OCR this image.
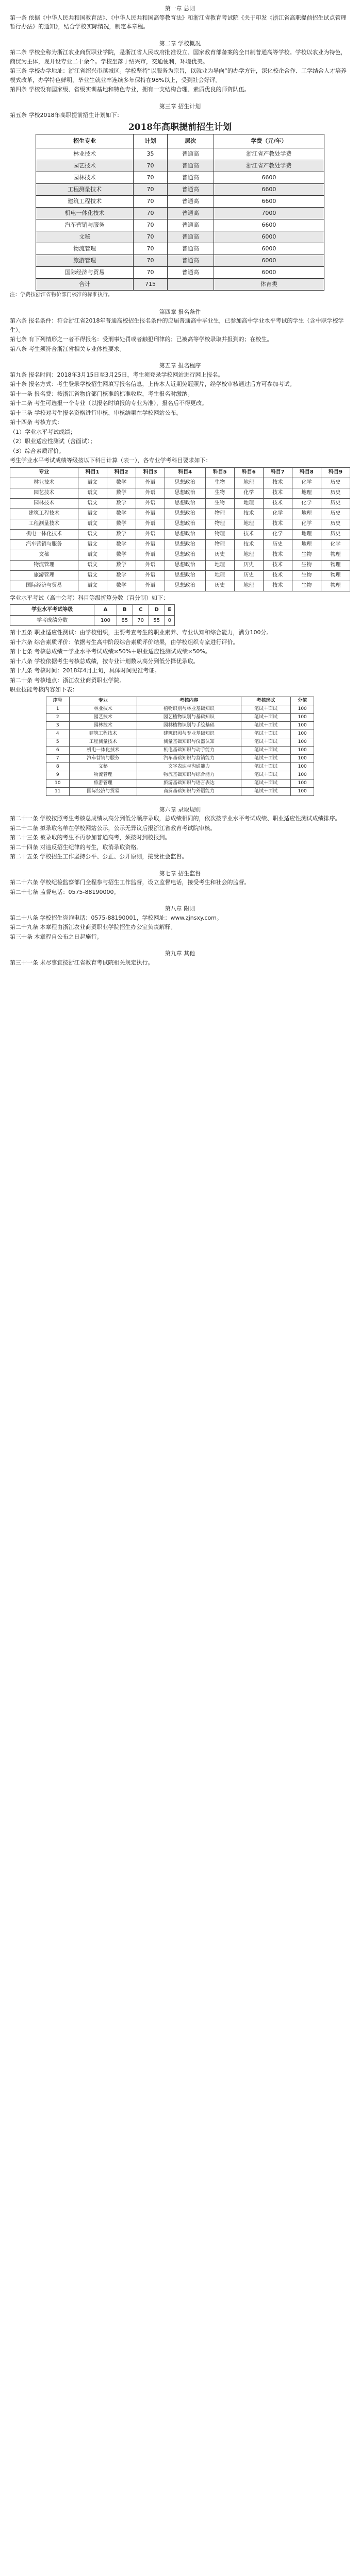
第一章 总则
第一条 依据《中华人民共和国教育法》、《中华人民共和国高等教育法》和浙江省教育考试院《关于印发《浙江省高职提前招生试点管理暂行办法》的通知》，结合学校实际情况，制定本章程。
第二章 学校概况
第二条 学校全称为浙江农业商贸职业学院，是浙江省人民政府批准设立、国家教育部备案的全日制普通高等学校。学校以农业为特色，商贸为主体，现开设专业二十余个。学校坐落于绍兴市，交通便利，环境优美。
第三条 学校办学地址：浙江省绍兴市越城区。学校坚持“以服务为宗旨，以就业为导向”的办学方针，深化校企合作、工学结合人才培养模式改革，办学特色鲜明，毕业生就业率连续多年保持在98%以上，受到社会好评。
第四条 学校设有国家级、省级实训基地和特色专业，拥有一支结构合理、素质优良的师资队伍。
第三章 招生计划
第五条 学校2018年高职提前招生计划如下：
2018年高职提前招生计划
招生专业	计划	层次	学费（元/年）
林业技术	35	普通高	浙江省产教处学费
园艺技术	70	普通高	浙江省产教处学费
园林技术	70	普通高	6600
工程测量技术	70	普通高	6600
建筑工程技术	70	普通高	6600
机电一体化技术	70	普通高	7000
汽车营销与服务	70	普通高	6600
文秘	70	普通高	6000
物流管理	70	普通高	6000
旅游管理	70	普通高	6000
国际经济与贸易	70	普通高	6000
合计	715		体育类
注：学费按浙江省物价部门核准的标准执行。
第四章 报名条件
第六条 报名条件：符合浙江省2018年普通高校招生报名条件的应届普通高中毕业生，已参加高中学业水平考试的学生（含中职学校学生）。
第七条 有下列情形之一者不得报名：受刑事处罚或者触犯刑律的；已被高等学校录取并报到的；在校生。
第八条 考生须符合浙江省相关专业体检要求。
第五章 报名程序
第九条 报名时间：2018年3月15日至3月25日，考生须登录学校网站进行网上报名。
第十条 报名方式：考生登录学校招生网填写报名信息，上传本人近期免冠照片，经学校审核通过后方可参加考试。
第十一条 报名费：按浙江省物价部门核准的标准收取，考生报名时缴纳。
第十二条 考生可选报一个专业（以报名时填报的专业为准），报名后不得更改。
第十三条 学校对考生报名资格进行审核，审核结果在学校网站公布。
第十四条 考核方式：
（1）学业水平考试成绩；
（2）职业适应性测试（含面试）；
（3）综合素质评价。
考生学业水平考试成绩等级按以下科目计算（表一），各专业学考科目要求如下：
专业	科目1	科目2	科目3	科目4	科目5	科目6	科目7	科目8	科目9
林业技术	语文	数学	外语	思想政治	生物	地理	技术	化学	历史
园艺技术	语文	数学	外语	思想政治	生物	化学	技术	地理	历史
园林技术	语文	数学	外语	思想政治	生物	地理	技术	化学	历史
建筑工程技术	语文	数学	外语	思想政治	物理	技术	化学	地理	历史
工程测量技术	语文	数学	外语	思想政治	物理	地理	技术	化学	历史
机电一体化技术	语文	数学	外语	思想政治	物理	技术	化学	地理	历史
汽车营销与服务	语文	数学	外语	思想政治	物理	技术	历史	地理	化学
文秘	语文	数学	外语	思想政治	历史	地理	技术	生物	物理
物流管理	语文	数学	外语	思想政治	地理	历史	技术	生物	物理
旅游管理	语文	数学	外语	思想政治	地理	历史	技术	生物	物理
国际经济与贸易	语文	数学	外语	思想政治	历史	地理	技术	生物	物理
学业水平考试（高中会考）科目等级折算分数（百分制）如下：
学业水平考试等级	A	B	C	D	E
学考成绩分数	100	85	70	55	0
第十五条 职业适应性测试：由学校组织，主要考查考生的职业素养、专业认知和综合能力，满分100分。
第十六条 综合素质评价：依据考生高中阶段综合素质评价结果，由学校组织专家进行评价。
第十七条 考核总成绩＝学业水平考试成绩×50%＋职业适应性测试成绩×50%。
第十八条 学校依据考生考核总成绩，按专业计划数从高分到低分择优录取。
第十九条 考核时间：2018年4月上旬，具体时间见准考证。
第二十条 考核地点：浙江农业商贸职业学院。
职业技能考核内容如下表：
序号	专业	考核内容	考核形式	分值
1	林业技术	植物识别与林业基础知识	笔试＋面试	100
2	园艺技术	园艺植物识别与基础知识	笔试＋面试	100
3	园林技术	园林植物识别与手绘基础	笔试＋面试	100
4	建筑工程技术	建筑识图与专业基础知识	笔试＋面试	100
5	工程测量技术	测量基础知识与仪器认知	笔试＋面试	100
6	机电一体化技术	机电基础知识与动手能力	笔试＋面试	100
7	汽车营销与服务	汽车基础知识与营销能力	笔试＋面试	100
8	文秘	文字表达与沟通能力	笔试＋面试	100
9	物流管理	物流基础知识与综合能力	笔试＋面试	100
10	旅游管理	旅游基础知识与语言表达	笔试＋面试	100
11	国际经济与贸易	商贸基础知识与外语能力	笔试＋面试	100
第六章 录取规则
第二十一条 学校按照考生考核总成绩从高分到低分顺序录取，总成绩相同的，依次按学业水平考试成绩、职业适应性测试成绩排序。
第二十二条 拟录取名单在学校网站公示，公示无异议后报浙江省教育考试院审核。
第二十三条 被录取的考生不再参加普通高考，须按时到校报到。
第二十四条 对违反招生纪律的考生，取消录取资格。
第二十五条 学校招生工作坚持公平、公正、公开原则，接受社会监督。
第七章 招生监督
第二十六条 学校纪检监察部门全程参与招生工作监督，设立监督电话，接受考生和社会的监督。
第二十七条 监督电话：0575-88190000。
第八章 附则
第二十八条 学校招生咨询电话：0575-88190001，学校网址：www.zjnsxy.com。
第二十九条 本章程由浙江农业商贸职业学院招生办公室负责解释。
第三十条 本章程自公布之日起施行。
第九章 其他
第三十一条 未尽事宜按浙江省教育考试院相关规定执行。
